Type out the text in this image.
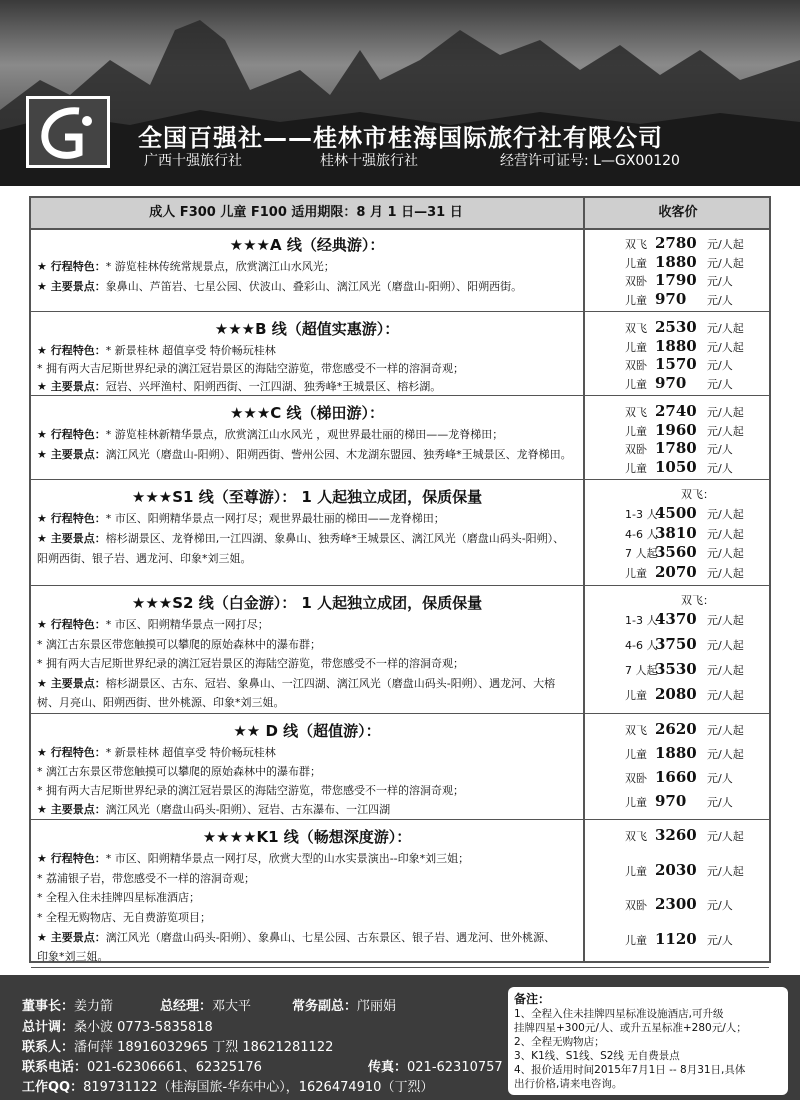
全国百强社——桂林市桂海国际旅行社有限公司
广西十强旅行社	桂林十强旅行社	经营许可证号: L—GX00120
成人 F300 儿童 F100 适用期限：8 月 1 日—31 日	收客价
★★★A 线（经典游）：
★ 行程特色：* 游览桂林传统常规景点，欣赏漓江山水风光；
★ 主要景点：象鼻山、芦笛岩、七星公园、伏波山、叠彩山、漓江风光（磨盘山-阳朔）、阳朔西街。
双飞 2780 元/人起
儿童 1880 元/人起
双卧 1790 元/人
儿童 970 元/人
★★★B 线（超值实惠游）：
★ 行程特色：* 新景桂林 超值享受 特价畅玩桂林
* 拥有两大吉尼斯世界纪录的漓江冠岩景区的海陆空游览，带您感受不一样的溶洞奇观；
★ 主要景点：冠岩、兴坪渔村、阳朔西街、一江四湖、独秀峰*王城景区、榕杉湖。
双飞 2530 元/人起
儿童 1880 元/人起
双卧 1570 元/人
儿童 970 元/人
★★★C 线（梯田游）：
★ 行程特色：* 游览桂林新精华景点，欣赏漓江山水风光 ，观世界最壮丽的梯田——龙脊梯田；
★ 主要景点：漓江风光（磨盘山-阳朔）、阳朔西街、訾州公园、木龙湖东盟园、独秀峰*王城景区、龙脊梯田。
双飞 2740 元/人起
儿童 1960 元/人起
双卧 1780 元/人
儿童 1050 元/人
★★★S1 线（至尊游）： 1 人起独立成团，保质保量
★ 行程特色：* 市区、阳朔精华景点一网打尽；观世界最壮丽的梯田——龙脊梯田；
★ 主要景点：榕杉湖景区、龙脊梯田,一江四湖、象鼻山、独秀峰*王城景区、漓江风光（磨盘山码头-阳朔）、
阳朔西街、银子岩、遇龙河、印象*刘三姐。
双飞：
1-3 人4500 元/人起
4-6 人3810 元/人起
7 人起3560 元/人起
儿童 2070 元/人起
★★★S2 线（白金游）： 1 人起独立成团，保质保量
★ 行程特色：* 市区、阳朔精华景点一网打尽；
* 漓江古东景区带您触摸可以攀爬的原始森林中的瀑布群；
* 拥有两大吉尼斯世界纪录的漓江冠岩景区的海陆空游览，带您感受不一样的溶洞奇观；
★ 主要景点：榕杉湖景区、古东、冠岩、象鼻山、一江四湖、漓江风光（磨盘山码头-阳朔）、遇龙河、大榕
树、月亮山、阳朔西街、世外桃源、印象*刘三姐。
双飞：
1-3 人4370 元/人起
4-6 人3750 元/人起
7 人起3530 元/人起
儿童 2080 元/人起
★★ D 线（超值游）：
★ 行程特色：* 新景桂林 超值享受 特价畅玩桂林
* 漓江古东景区带您触摸可以攀爬的原始森林中的瀑布群；
* 拥有两大吉尼斯世界纪录的漓江冠岩景区的海陆空游览，带您感受不一样的溶洞奇观；
★ 主要景点：漓江风光（磨盘山码头-阳朔）、冠岩、古东瀑布、一江四湖
双飞 2620 元/人起
儿童 1880 元/人起
双卧 1660 元/人
儿童 970 元/人
★★★★K1 线（畅想深度游）：
★ 行程特色：* 市区、阳朔精华景点一网打尽，欣赏大型的山水实景演出--印象*刘三姐；
* 荔浦银子岩，带您感受不一样的溶洞奇观；
* 全程入住未挂牌四星标准酒店；
* 全程无购物店、无自费游览项目；
★ 主要景点：漓江风光（磨盘山码头-阳朔）、象鼻山、七星公园、古东景区、银子岩、遇龙河、世外桃源、
印象*刘三姐。
双飞 3260 元/人起
儿童 2030 元/人起
双卧 2300 元/人
儿童 1120 元/人
董事长：姜力箭	总经理：邓大平	常务副总：邝丽娟
总计调：桑小波 0773-5835818
联系人：潘何萍 18916032965 丁烈 18621281122
联系电话：021-62306661、62325176	传真：021-62310757
工作QQ：819731122（桂海国旅-华东中心），1626474910（丁烈）
备注：
1、全程入住未挂牌四星标准设施酒店,可升级
挂牌四星+300元/人、或升五星标准+280元/人；
2、全程无购物店；
3、K1线、S1线、S2线 无自费景点
4、报价适用时间2015年7月1日 -- 8月31日,具体
出行价格,请来电咨询。
